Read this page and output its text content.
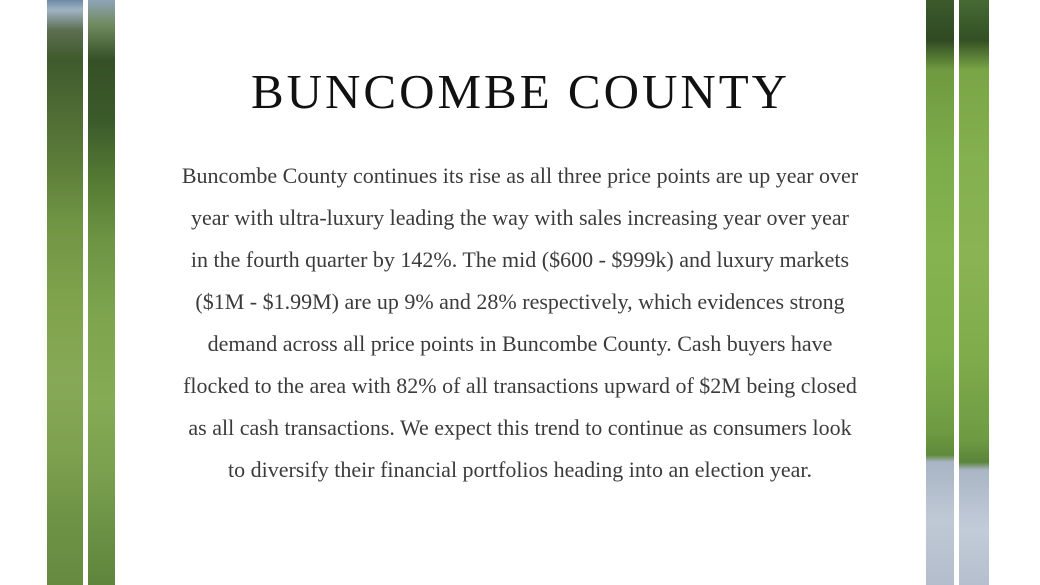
BUNCOMBE COUNTY

Buncombe County continues its rise as all three price points are up year over year with ultra-luxury leading the way with sales increasing year over year in the fourth quarter by 142%. The mid ($600 - $999k) and luxury markets ($1M - $1.99M) are up 9% and 28% respectively, which evidences strong demand across all price points in Buncombe County. Cash buyers have flocked to the area with 82% of all transactions upward of $2M being closed as all cash transactions. We expect this trend to continue as consumers look to diversify their financial portfolios heading into an election year.
